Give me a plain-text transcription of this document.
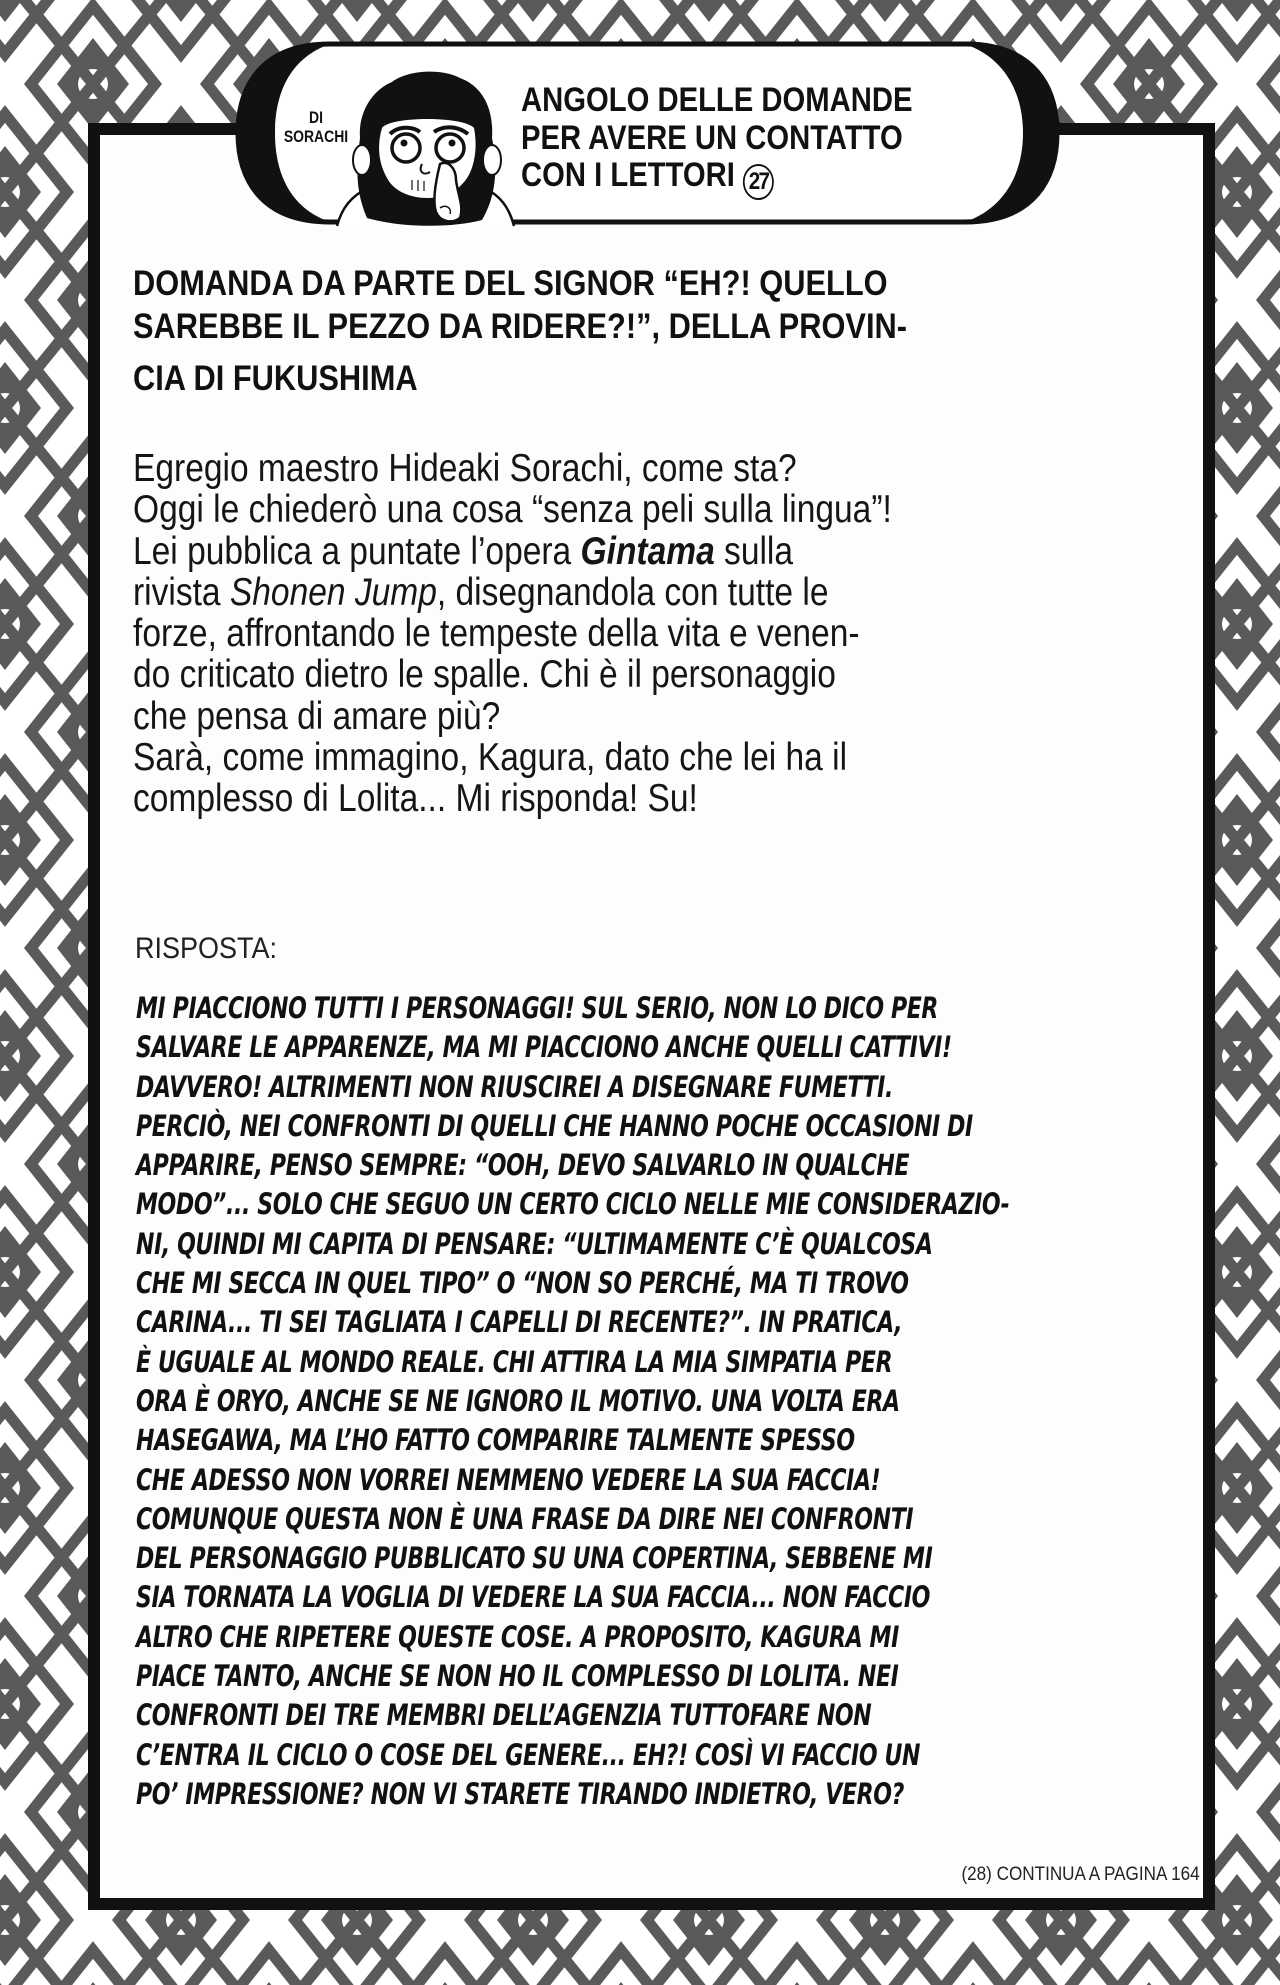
DI
SORACHI
ANGOLO DELLE DOMANDE
PER AVERE UN CONTATTO
CON I LETTORI 27
DOMANDA DA PARTE DEL SIGNOR “EH?! QUELLO
SAREBBE IL PEZZO DA RIDERE?!”, DELLA PROVIN-
CIA DI FUKUSHIMA
Egregio maestro Hideaki Sorachi, come sta?
Oggi le chiederò una cosa “senza peli sulla lingua”!
Lei pubblica a puntate l’opera Gintama sulla
rivista Shonen Jump, disegnandola con tutte le
forze, affrontando le tempeste della vita e venen-
do criticato dietro le spalle. Chi è il personaggio
che pensa di amare più?
Sarà, come immagino, Kagura, dato che lei ha il
complesso di Lolita... Mi risponda! Su!
RISPOSTA:
MI PIACCIONO TUTTI I PERSONAGGI! SUL SERIO, NON LO DICO PER
SALVARE LE APPARENZE, MA MI PIACCIONO ANCHE QUELLI CATTIVI!
DAVVERO! ALTRIMENTI NON RIUSCIREI A DISEGNARE FUMETTI.
PERCIÒ, NEI CONFRONTI DI QUELLI CHE HANNO POCHE OCCASIONI DI
APPARIRE, PENSO SEMPRE: “OOH, DEVO SALVARLO IN QUALCHE
MODO”... SOLO CHE SEGUO UN CERTO CICLO NELLE MIE CONSIDERAZIO-
NI, QUINDI MI CAPITA DI PENSARE: “ULTIMAMENTE C’È QUALCOSA
CHE MI SECCA IN QUEL TIPO” O “NON SO PERCHÉ, MA TI TROVO
CARINA... TI SEI TAGLIATA I CAPELLI DI RECENTE?”. IN PRATICA,
È UGUALE AL MONDO REALE. CHI ATTIRA LA MIA SIMPATIA PER
ORA È ORYO, ANCHE SE NE IGNORO IL MOTIVO. UNA VOLTA ERA
HASEGAWA, MA L’HO FATTO COMPARIRE TALMENTE SPESSO
CHE ADESSO NON VORREI NEMMENO VEDERE LA SUA FACCIA!
COMUNQUE QUESTA NON È UNA FRASE DA DIRE NEI CONFRONTI
DEL PERSONAGGIO PUBBLICATO SU UNA COPERTINA, SEBBENE MI
SIA TORNATA LA VOGLIA DI VEDERE LA SUA FACCIA... NON FACCIO
ALTRO CHE RIPETERE QUESTE COSE. A PROPOSITO, KAGURA MI
PIACE TANTO, ANCHE SE NON HO IL COMPLESSO DI LOLITA. NEI
CONFRONTI DEI TRE MEMBRI DELL’AGENZIA TUTTOFARE NON
C’ENTRA IL CICLO O COSE DEL GENERE... EH?! COSÌ VI FACCIO UN
PO’ IMPRESSIONE? NON VI STARETE TIRANDO INDIETRO, VERO?
(28) CONTINUA A PAGINA 164
